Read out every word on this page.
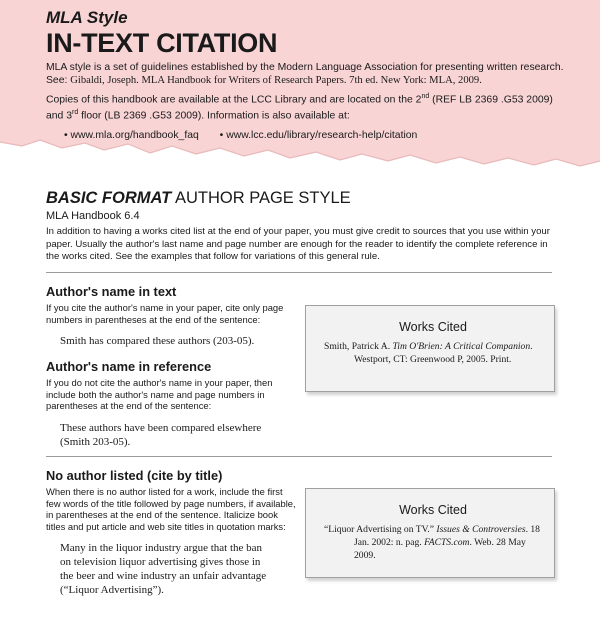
MLA Style

IN-TEXT CITATION

MLA style is a set of guidelines established by the Modern Language Association for presenting written research. See: Gibaldi, Joseph. MLA Handbook for Writers of Research Papers. 7th ed. New York: MLA, 2009.

Copies of this handbook are available at the LCC Library and are located on the 2nd (REF LB 2369 .G53 2009) and 3rd floor (LB 2369 .G53 2009). Information is also available at:

• www.mla.org/handbook_faq • www.lcc.edu/library/research-help/citation

BASIC FORMAT AUTHOR PAGE STYLE

MLA Handbook 6.4

In addition to having a works cited list at the end of your paper, you must give credit to sources that you use within your paper. Usually the author's last name and page number are enough for the reader to identify the complete reference in the works cited. See the examples that follow for variations of this general rule.

Author's name in text

If you cite the author's name in your paper, cite only page numbers in parentheses at the end of the sentence:

Smith has compared these authors (203-05).

Author's name in reference

If you do not cite the author's name in your paper, then include both the author's name and page numbers in parentheses at the end of the sentence:

These authors have been compared elsewhere

(Smith 203-05).

Works Cited

Smith, Patrick A. Tim O'Brien: A Critical Companion. Westport, CT: Greenwood P, 2005. Print.

No author listed (cite by title)

When there is no author listed for a work, include the first few words of the title followed by page numbers, if available, in parentheses at the end of the sentence. Italicize book titles and put article and web site titles in quotation marks:

Many in the liquor industry argue that the ban

on television liquor advertising gives those in

the beer and wine industry an unfair advantage

(“Liquor Advertising”).

Works Cited

“Liquor Advertising on TV.” Issues & Controversies. 18 Jan. 2002: n. pag. FACTS.com. Web. 28 May 2009.
